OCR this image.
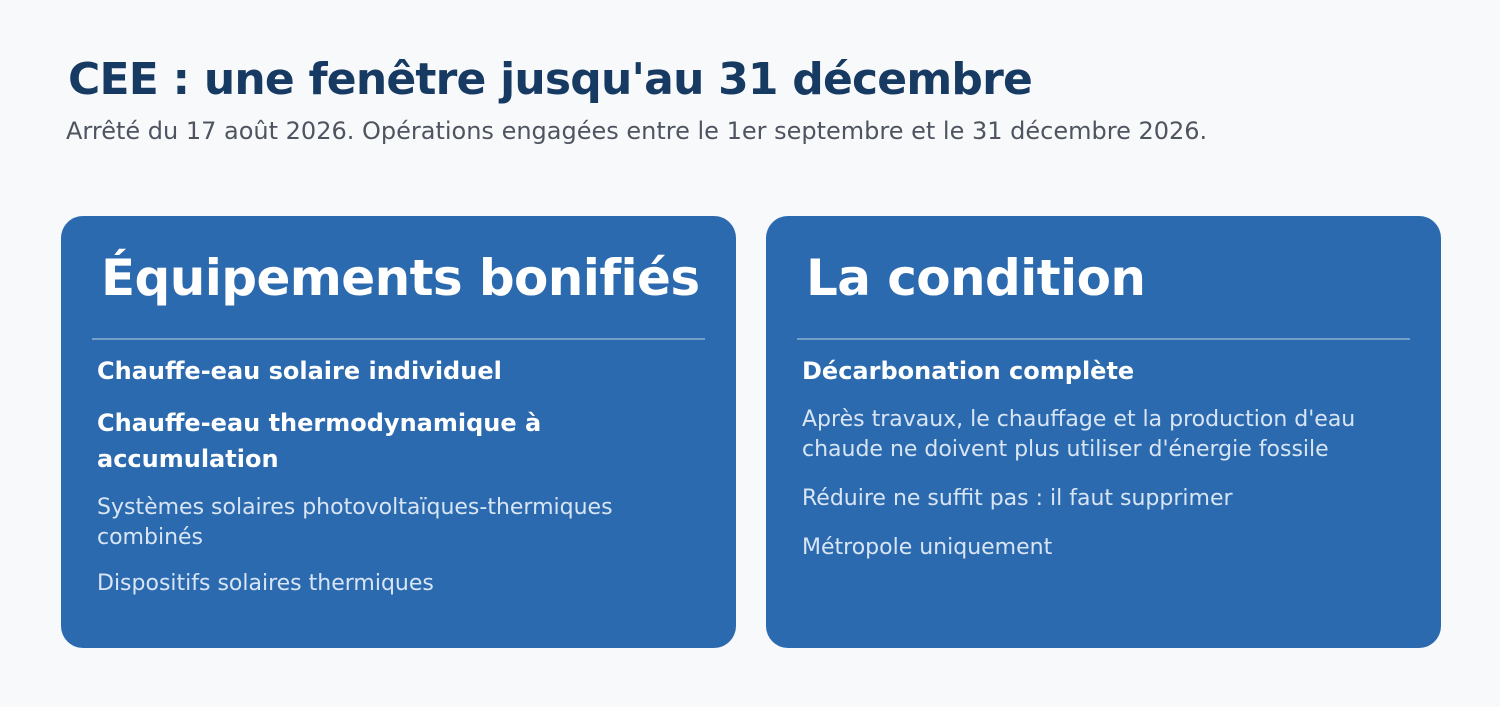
CEE : une fenêtre jusqu'au 31 décembre

Arrêté du 17 août 2026. Opérations engagées entre le 1er septembre et le 31 décembre 2026.

Équipements bonifiés
Chauffe-eau solaire individuel
Chauffe-eau thermodynamique à accumulation
Systèmes solaires photovoltaïques-thermiques combinés
Dispositifs solaires thermiques
La condition
Décarbonation complète
Après travaux, le chauffage et la production d'eau chaude ne doivent plus utiliser d'énergie fossile
Réduire ne suffit pas : il faut supprimer
Métropole uniquement
